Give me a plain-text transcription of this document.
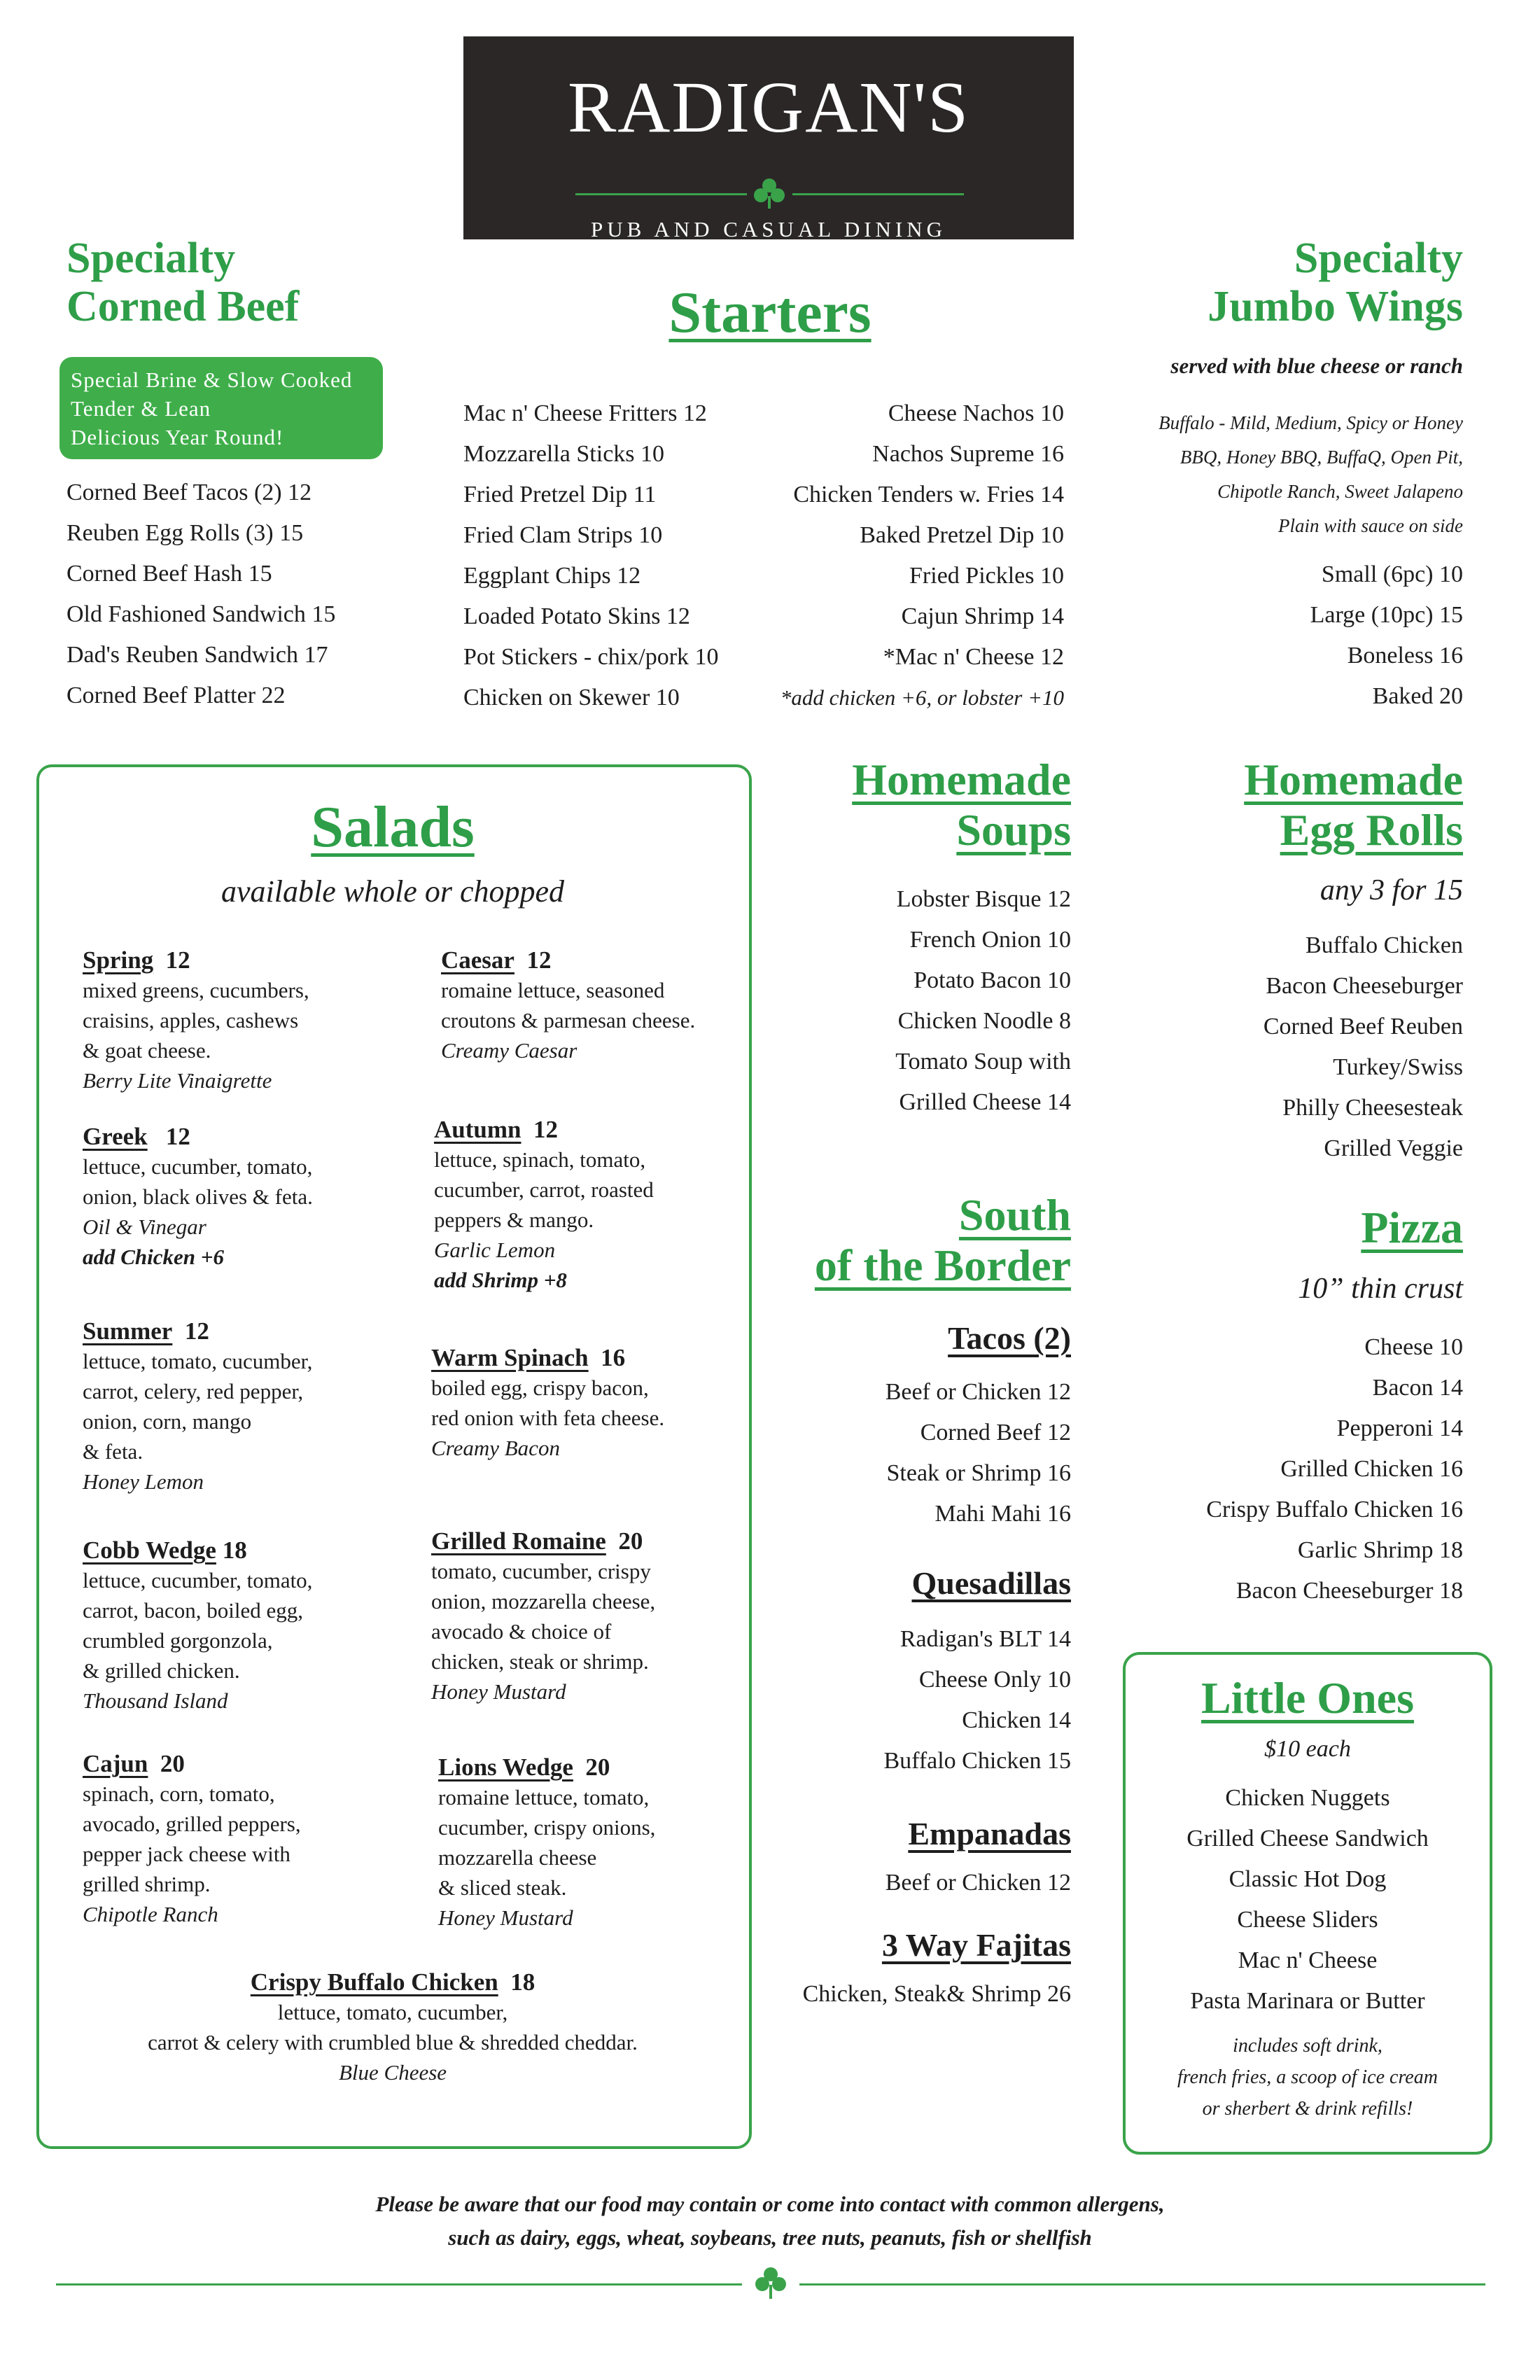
RADIGAN'S
PUB AND CASUAL DINING
Specialty
Corned Beef
Special Brine & Slow Cooked
Tender & Lean
Delicious Year Round!
Corned Beef Tacos (2) 12
Reuben Egg Rolls (3) 15
Corned Beef Hash 15
Old Fashioned Sandwich 15
Dad's Reuben Sandwich 17
Corned Beef Platter 22
Starters
Mac n' Cheese Fritters 12
Mozzarella Sticks 10
Fried Pretzel Dip 11
Fried Clam Strips 10
Eggplant Chips 12
Loaded Potato Skins 12
Pot Stickers - chix/pork 10
Chicken on Skewer 10
Cheese Nachos 10
Nachos Supreme 16
Chicken Tenders w. Fries 14
Baked Pretzel Dip 10
Fried Pickles 10
Cajun Shrimp 14
*Mac n' Cheese 12
*add chicken +6, or lobster +10
Specialty
Jumbo Wings
served with blue cheese or ranch
Buffalo - Mild, Medium, Spicy or Honey
BBQ, Honey BBQ, BuffaQ, Open Pit,
Chipotle Ranch, Sweet Jalapeno
Plain with sauce on side
Small (6pc) 10
Large (10pc) 15
Boneless 16
Baked 20
Salads
available whole or chopped
Spring 12
mixed greens, cucumbers,
craisins, apples, cashews
& goat cheese.
Berry Lite Vinaigrette
Caesar 12
romaine lettuce, seasoned
croutons & parmesan cheese.
Creamy Caesar
Greek 12
lettuce, cucumber, tomato,
onion, black olives & feta.
Oil & Vinegar
add Chicken +6
Autumn 12
lettuce, spinach, tomato,
cucumber, carrot, roasted
peppers & mango.
Garlic Lemon
add Shrimp +8
Summer 12
lettuce, tomato, cucumber,
carrot, celery, red pepper,
onion, corn, mango
& feta.
Honey Lemon
Warm Spinach 16
boiled egg, crispy bacon,
red onion with feta cheese.
Creamy Bacon
Cobb Wedge 18
lettuce, cucumber, tomato,
carrot, bacon, boiled egg,
crumbled gorgonzola,
& grilled chicken.
Thousand Island
Grilled Romaine 20
tomato, cucumber, crispy
onion, mozzarella cheese,
avocado & choice of
chicken, steak or shrimp.
Honey Mustard
Cajun 20
spinach, corn, tomato,
avocado, grilled peppers,
pepper jack cheese with
grilled shrimp.
Chipotle Ranch
Lions Wedge 20
romaine lettuce, tomato,
cucumber, crispy onions,
mozzarella cheese
& sliced steak.
Honey Mustard
Crispy Buffalo Chicken 18
lettuce, tomato, cucumber,
carrot & celery with crumbled blue & shredded cheddar.
Blue Cheese
Homemade
Soups
Lobster Bisque 12
French Onion 10
Potato Bacon 10
Chicken Noodle 8
Tomato Soup with
Grilled Cheese 14
South
of the Border
Tacos (2)
Beef or Chicken 12
Corned Beef 12
Steak or Shrimp 16
Mahi Mahi 16
Quesadillas
Radigan's BLT 14
Cheese Only 10
Chicken 14
Buffalo Chicken 15
Empanadas
Beef or Chicken 12
3 Way Fajitas
Chicken, Steak& Shrimp 26
Homemade
Egg Rolls
any 3 for 15
Buffalo Chicken
Bacon Cheeseburger
Corned Beef Reuben
Turkey/Swiss
Philly Cheesesteak
Grilled Veggie
Pizza
10” thin crust
Cheese 10
Bacon 14
Pepperoni 14
Grilled Chicken 16
Crispy Buffalo Chicken 16
Garlic Shrimp 18
Bacon Cheeseburger 18
Little Ones
$10 each
Chicken Nuggets
Grilled Cheese Sandwich
Classic Hot Dog
Cheese Sliders
Mac n' Cheese
Pasta Marinara or Butter
includes soft drink,
french fries, a scoop of ice cream
or sherbert & drink refills!
Please be aware that our food may contain or come into contact with common allergens,
such as dairy, eggs, wheat, soybeans, tree nuts, peanuts, fish or shellfish
